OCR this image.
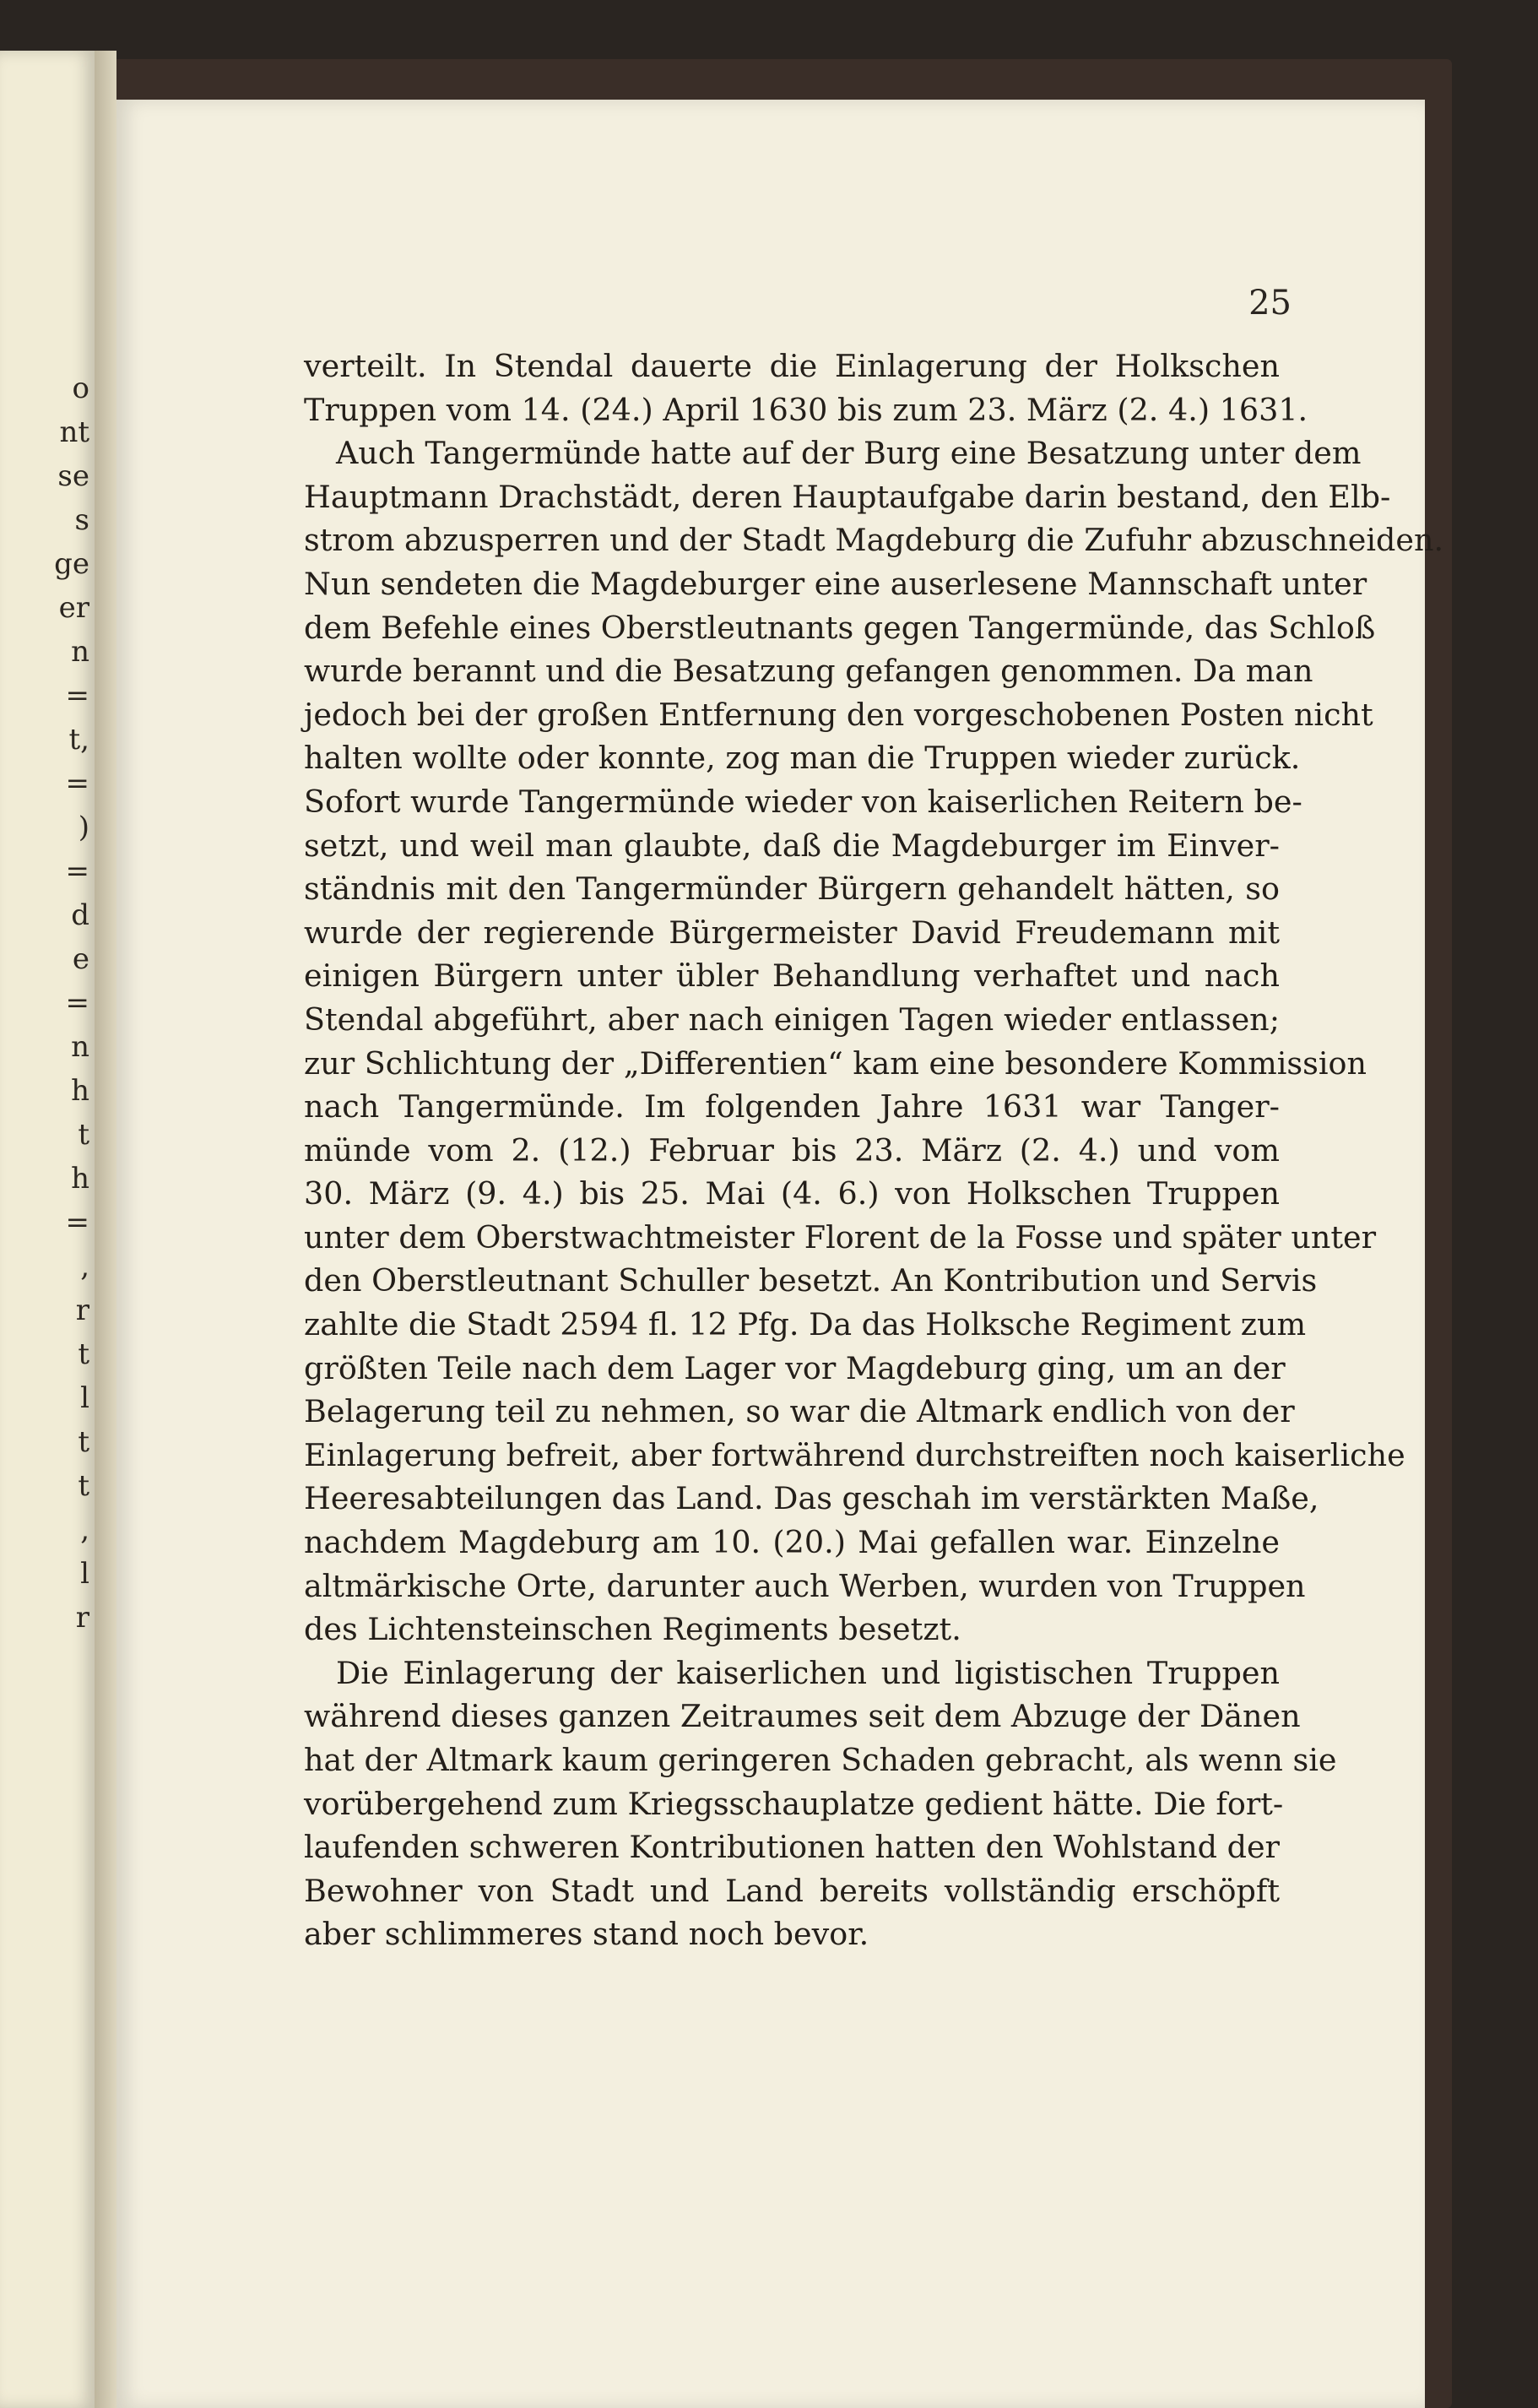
o
nt
se
s
ge
er
n
=
t,
=
)
=
d
e
=
n
h
t
h
=
,
r
t
l
t
t
,
l
r
25
verteilt. In Stendal dauerte die Einlagerung der Holkschen
Truppen vom 14. (24.) April 1630 bis zum 23. März (2. 4.) 1631.
Auch Tangermünde hatte auf der Burg eine Besatzung unter dem
Hauptmann Drachstädt, deren Hauptaufgabe darin bestand, den Elb-
strom abzusperren und der Stadt Magdeburg die Zufuhr abzuschneiden.
Nun sendeten die Magdeburger eine auserlesene Mannschaft unter
dem Befehle eines Oberstleutnants gegen Tangermünde, das Schloß
wurde berannt und die Besatzung gefangen genommen. Da man
jedoch bei der großen Entfernung den vorgeschobenen Posten nicht
halten wollte oder konnte, zog man die Truppen wieder zurück.
Sofort wurde Tangermünde wieder von kaiserlichen Reitern be-
setzt, und weil man glaubte, daß die Magdeburger im Einver-
ständnis mit den Tangermünder Bürgern gehandelt hätten, so
wurde der regierende Bürgermeister David Freudemann mit
einigen Bürgern unter übler Behandlung verhaftet und nach
Stendal abgeführt, aber nach einigen Tagen wieder entlassen;
zur Schlichtung der „Differentien“ kam eine besondere Kommission
nach Tangermünde. Im folgenden Jahre 1631 war Tanger-
münde vom 2. (12.) Februar bis 23. März (2. 4.) und vom
30. März (9. 4.) bis 25. Mai (4. 6.) von Holkschen Truppen
unter dem Oberstwachtmeister Florent de la Fosse und später unter
den Oberstleutnant Schuller besetzt. An Kontribution und Servis
zahlte die Stadt 2594 fl. 12 Pfg. Da das Holksche Regiment zum
größten Teile nach dem Lager vor Magdeburg ging, um an der
Belagerung teil zu nehmen, so war die Altmark endlich von der
Einlagerung befreit, aber fortwährend durchstreiften noch kaiserliche
Heeresabteilungen das Land. Das geschah im verstärkten Maße,
nachdem Magdeburg am 10. (20.) Mai gefallen war. Einzelne
altmärkische Orte, darunter auch Werben, wurden von Truppen
des Lichtensteinschen Regiments besetzt.
Die Einlagerung der kaiserlichen und ligistischen Truppen
während dieses ganzen Zeitraumes seit dem Abzuge der Dänen
hat der Altmark kaum geringeren Schaden gebracht, als wenn sie
vorübergehend zum Kriegsschauplatze gedient hätte. Die fort-
laufenden schweren Kontributionen hatten den Wohlstand der
Bewohner von Stadt und Land bereits vollständig erschöpft
aber schlimmeres stand noch bevor.
